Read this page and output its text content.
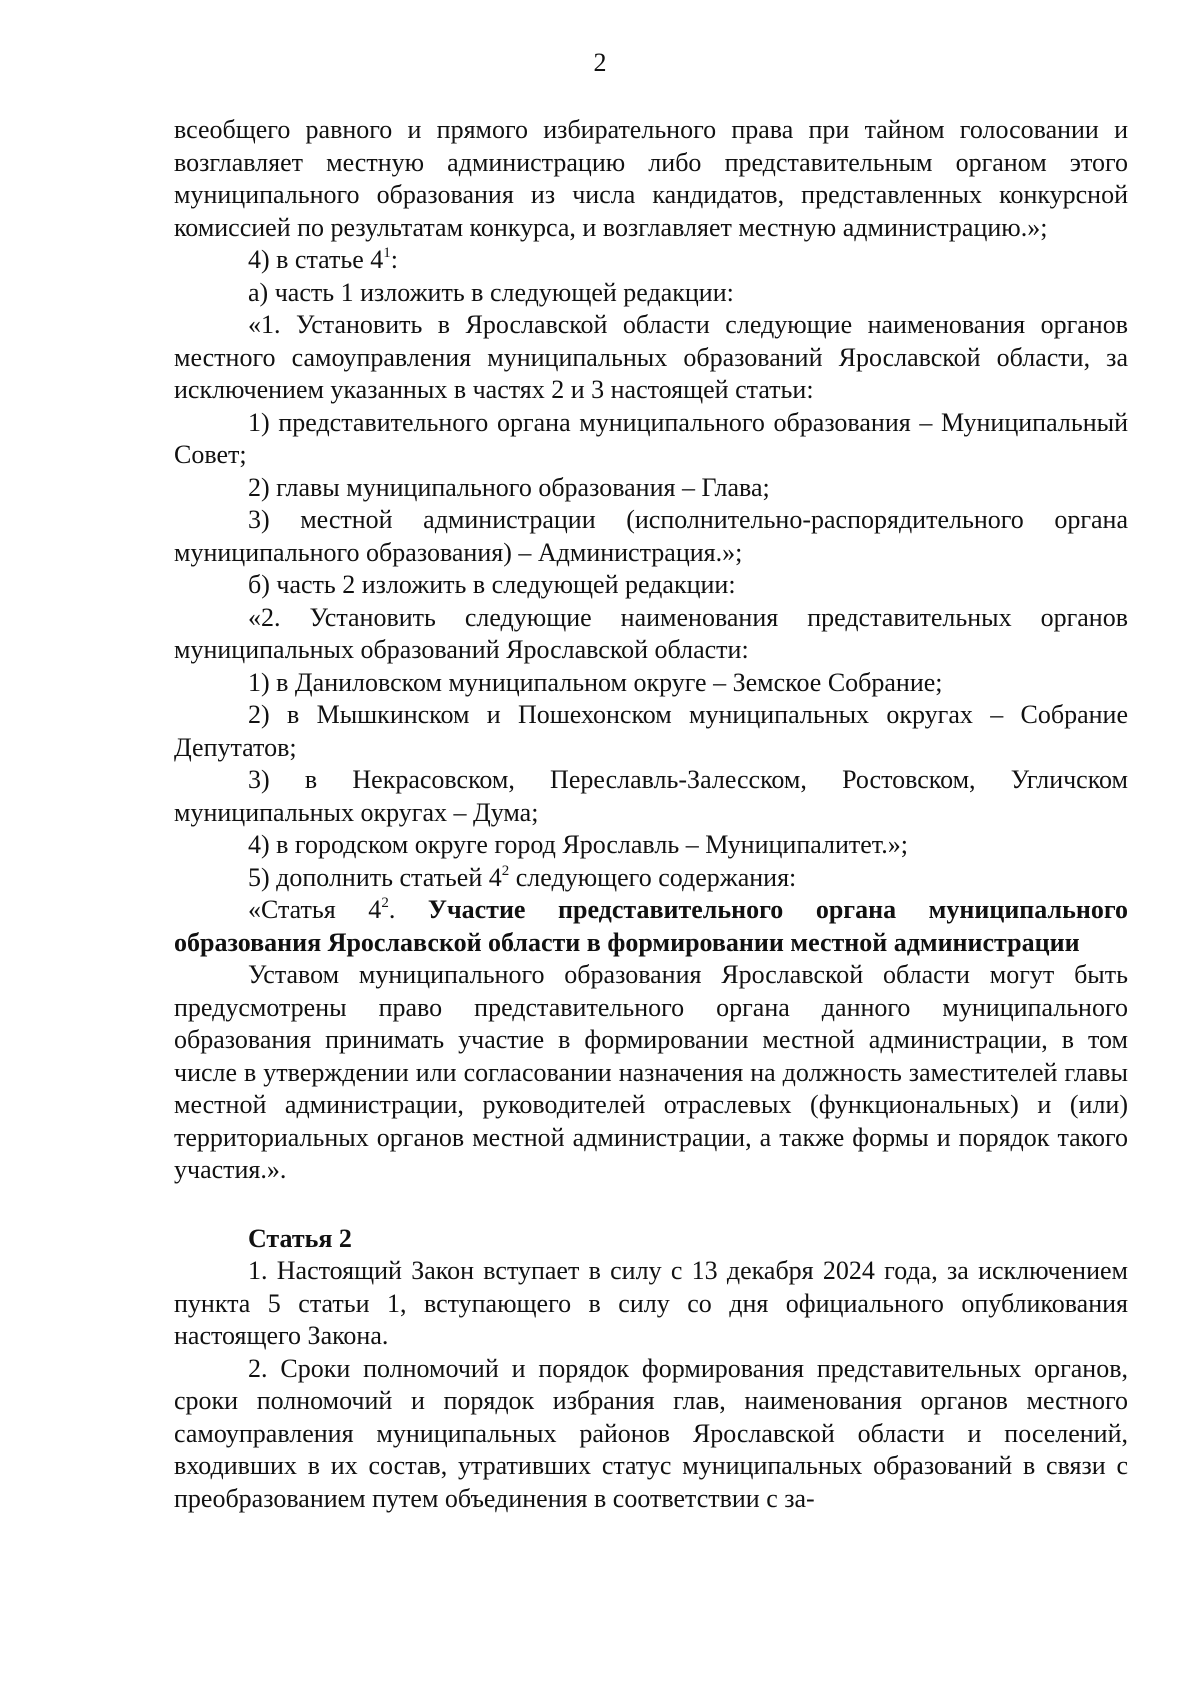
2

всеобщего равного и прямого избирательного права при тайном голосовании и возглавляет местную администрацию либо представительным органом этого муниципального образования из числа кандидатов, представленных конкурсной комиссией по результатам конкурса, и возглавляет местную администрацию.»;

4) в статье $4^1$:

а) часть 1 изложить в следующей редакции:

«1. Установить в Ярославской области следующие наименования органов местного самоуправления муниципальных образований Ярославской области, за исключением указанных в частях 2 и 3 настоящей статьи:

1) представительного органа муниципального образования – Муниципальный Совет;

2) главы муниципального образования – Глава;

3) местной администрации (исполнительно-распорядительного органа муниципального образования) – Администрация.»;

б) часть 2 изложить в следующей редакции:

«2. Установить следующие наименования представительных органов муниципальных образований Ярославской области:

1) в Даниловском муниципальном округе – Земское Собрание;

2) в Мышкинском и Пошехонском муниципальных округах – Собрание Депутатов;

3) в Некрасовском, Переславль-Залесском, Ростовском, Угличском муниципальных округах – Дума;

4) в городском округе город Ярославль – Муниципалитет.»;

5) дополнить статьей $4^2$ следующего содержания:

«Статья $4^2$. Участие представительного органа муниципального образования Ярославской области в формировании местной администрации

Уставом муниципального образования Ярославской области могут быть предусмотрены право представительного органа данного муниципального образования принимать участие в формировании местной администрации, в том числе в утверждении или согласовании назначения на должность заместителей главы местной администрации, руководителей отраслевых (функциональных) и (или) территориальных органов местной администрации, а также формы и порядок такого участия.».

Статья 2

1. Настоящий Закон вступает в силу с 13 декабря 2024 года, за исключением пункта 5 статьи 1, вступающего в силу со дня официального опубликования настоящего Закона.

2. Сроки полномочий и порядок формирования представительных органов, сроки полномочий и порядок избрания глав, наименования органов местного самоуправления муниципальных районов Ярославской области и поселений, входивших в их состав, утративших статус муниципальных образований в связи с преобразованием путем объединения в соответствии с за-
